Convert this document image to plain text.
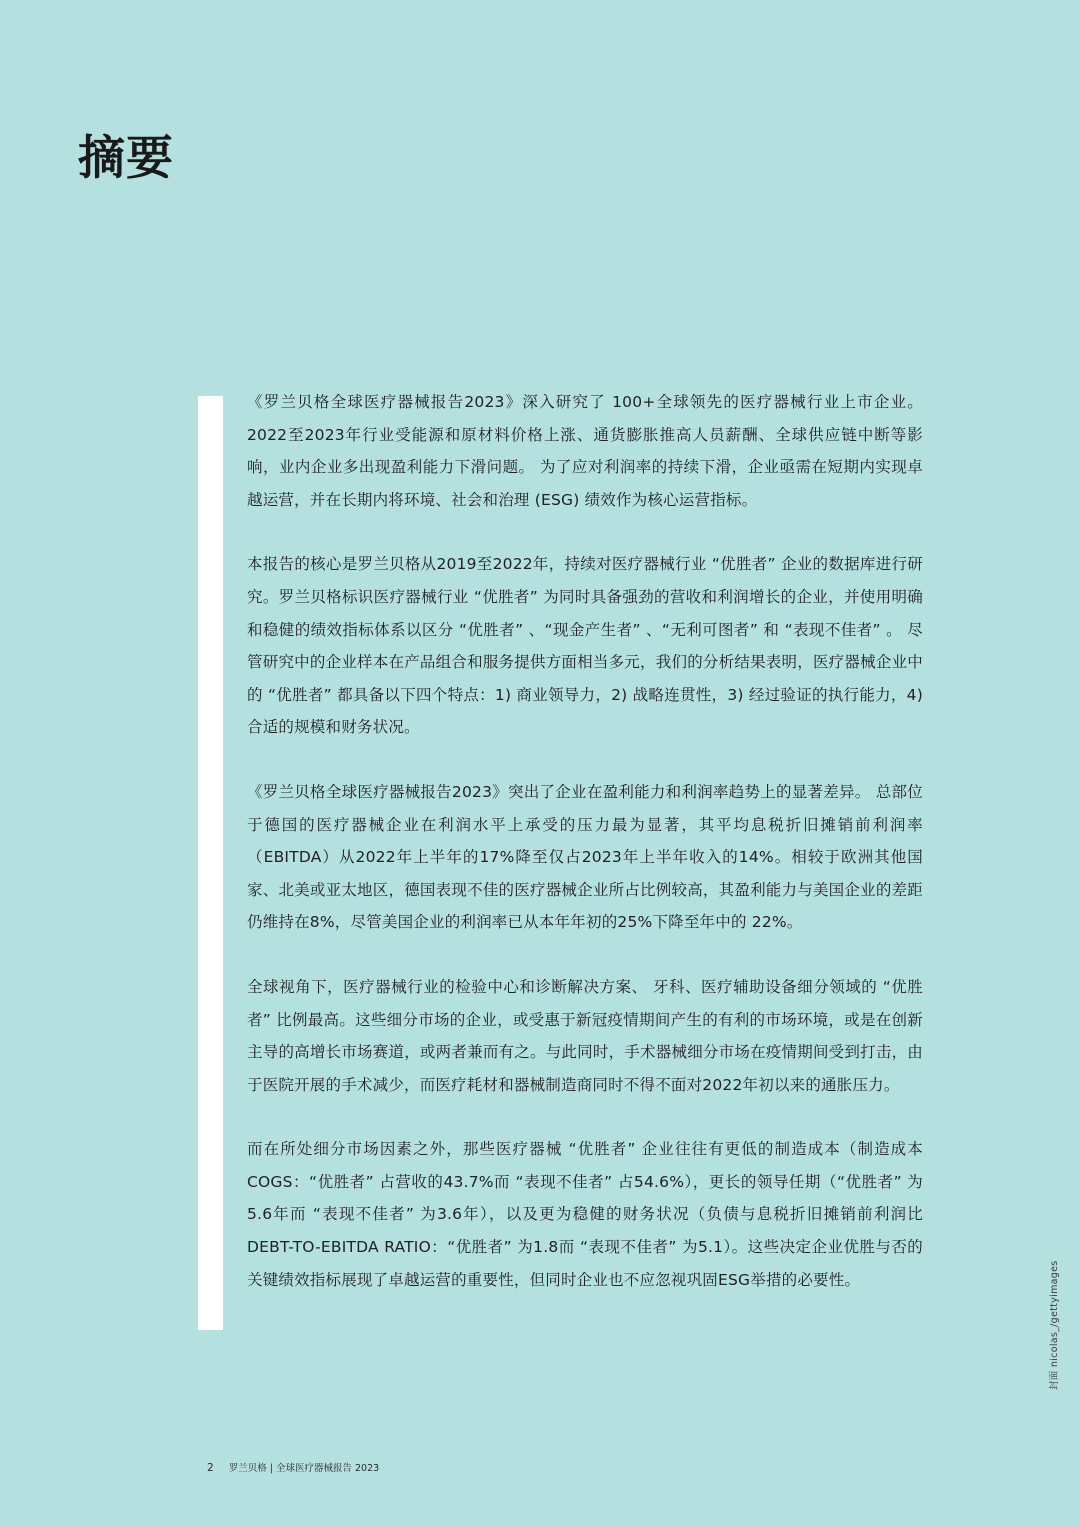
摘要

《罗兰贝格全球医疗器械报告2023》深入研究了 100+全球领先的医疗器械行业上市企业。2022至2023年行业受能源和原材料价格上涨、通货膨胀推高人员薪酬、全球供应链中断等影响，业内企业多出现盈利能力下滑问题。 为了应对利润率的持续下滑，企业亟需在短期内实现卓越运营，并在长期内将环境、社会和治理 (ESG) 绩效作为核心运营指标。

本报告的核心是罗兰贝格从2019至2022年，持续对医疗器械行业 “优胜者” 企业的数据库进行研究。罗兰贝格标识医疗器械行业 “优胜者” 为同时具备强劲的营收和利润增长的企业，并使用明确和稳健的绩效指标体系以区分 “优胜者” 、“现金产生者” 、“无利可图者” 和 “表现不佳者” 。 尽管研究中的企业样本在产品组合和服务提供方面相当多元，我们的分析结果表明，医疗器械企业中的 “优胜者” 都具备以下四个特点：1) 商业领导力，2) 战略连贯性，3) 经过验证的执行能力，4) 合适的规模和财务状况。

《罗兰贝格全球医疗器械报告2023》突出了企业在盈利能力和利润率趋势上的显著差异。 总部位于德国的医疗器械企业在利润水平上承受的压力最为显著，其平均息税折旧摊销前利润率（EBITDA）从2022年上半年的17%降至仅占2023年上半年收入的14%。相较于欧洲其他国家、北美或亚太地区，德国表现不佳的医疗器械企业所占比例较高，其盈利能力与美国企业的差距仍维持在8%，尽管美国企业的利润率已从本年年初的25%下降至年中的 22%。

全球视角下，医疗器械行业的检验中心和诊断解决方案、 牙科、医疗辅助设备细分领域的 “优胜者” 比例最高。这些细分市场的企业，或受惠于新冠疫情期间产生的有利的市场环境，或是在创新主导的高增长市场赛道，或两者兼而有之。与此同时，手术器械细分市场在疫情期间受到打击，由于医院开展的手术减少，而医疗耗材和器械制造商同时不得不面对2022年初以来的通胀压力。

而在所处细分市场因素之外，那些医疗器械 “优胜者” 企业往往有更低的制造成本（制造成本COGS：“优胜者” 占营收的43.7%而 “表现不佳者” 占54.6%），更长的领导任期（“优胜者” 为5.6年而 “表现不佳者” 为3.6年），以及更为稳健的财务状况（负债与息税折旧摊销前利润比DEBT-TO-EBITDA RATIO：“优胜者” 为1.8而 “表现不佳者” 为5.1）。这些决定企业优胜与否的关键绩效指标展现了卓越运营的重要性，但同时企业也不应忽视巩固ESG举措的必要性。	封面 nicolas_/gettyimages
2 罗兰贝格 | 全球医疗器械报告 2023
